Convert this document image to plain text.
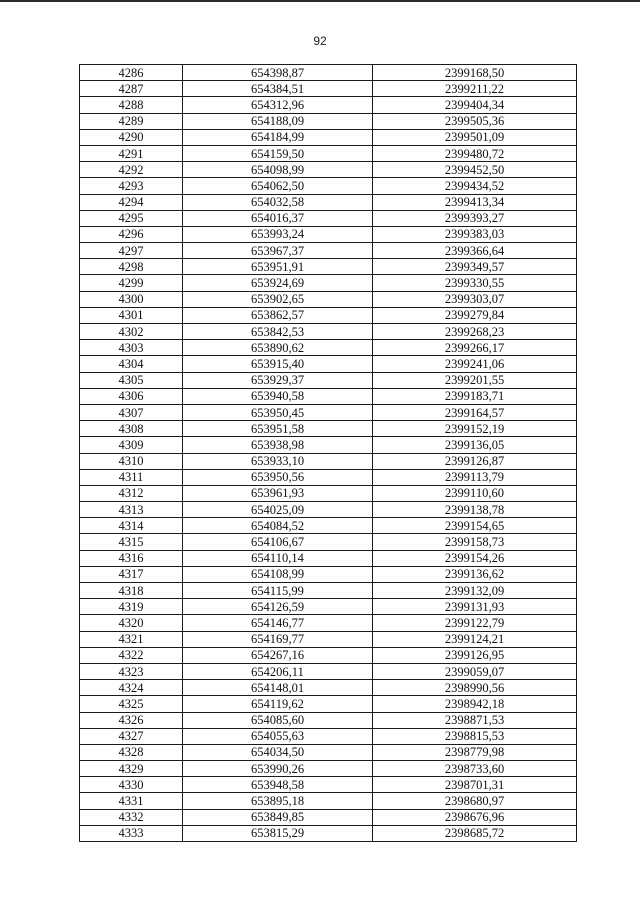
92
4286	654398,87	2399168,50
4287	654384,51	2399211,22
4288	654312,96	2399404,34
4289	654188,09	2399505,36
4290	654184,99	2399501,09
4291	654159,50	2399480,72
4292	654098,99	2399452,50
4293	654062,50	2399434,52
4294	654032,58	2399413,34
4295	654016,37	2399393,27
4296	653993,24	2399383,03
4297	653967,37	2399366,64
4298	653951,91	2399349,57
4299	653924,69	2399330,55
4300	653902,65	2399303,07
4301	653862,57	2399279,84
4302	653842,53	2399268,23
4303	653890,62	2399266,17
4304	653915,40	2399241,06
4305	653929,37	2399201,55
4306	653940,58	2399183,71
4307	653950,45	2399164,57
4308	653951,58	2399152,19
4309	653938,98	2399136,05
4310	653933,10	2399126,87
4311	653950,56	2399113,79
4312	653961,93	2399110,60
4313	654025,09	2399138,78
4314	654084,52	2399154,65
4315	654106,67	2399158,73
4316	654110,14	2399154,26
4317	654108,99	2399136,62
4318	654115,99	2399132,09
4319	654126,59	2399131,93
4320	654146,77	2399122,79
4321	654169,77	2399124,21
4322	654267,16	2399126,95
4323	654206,11	2399059,07
4324	654148,01	2398990,56
4325	654119,62	2398942,18
4326	654085,60	2398871,53
4327	654055,63	2398815,53
4328	654034,50	2398779,98
4329	653990,26	2398733,60
4330	653948,58	2398701,31
4331	653895,18	2398680,97
4332	653849,85	2398676,96
4333	653815,29	2398685,72
